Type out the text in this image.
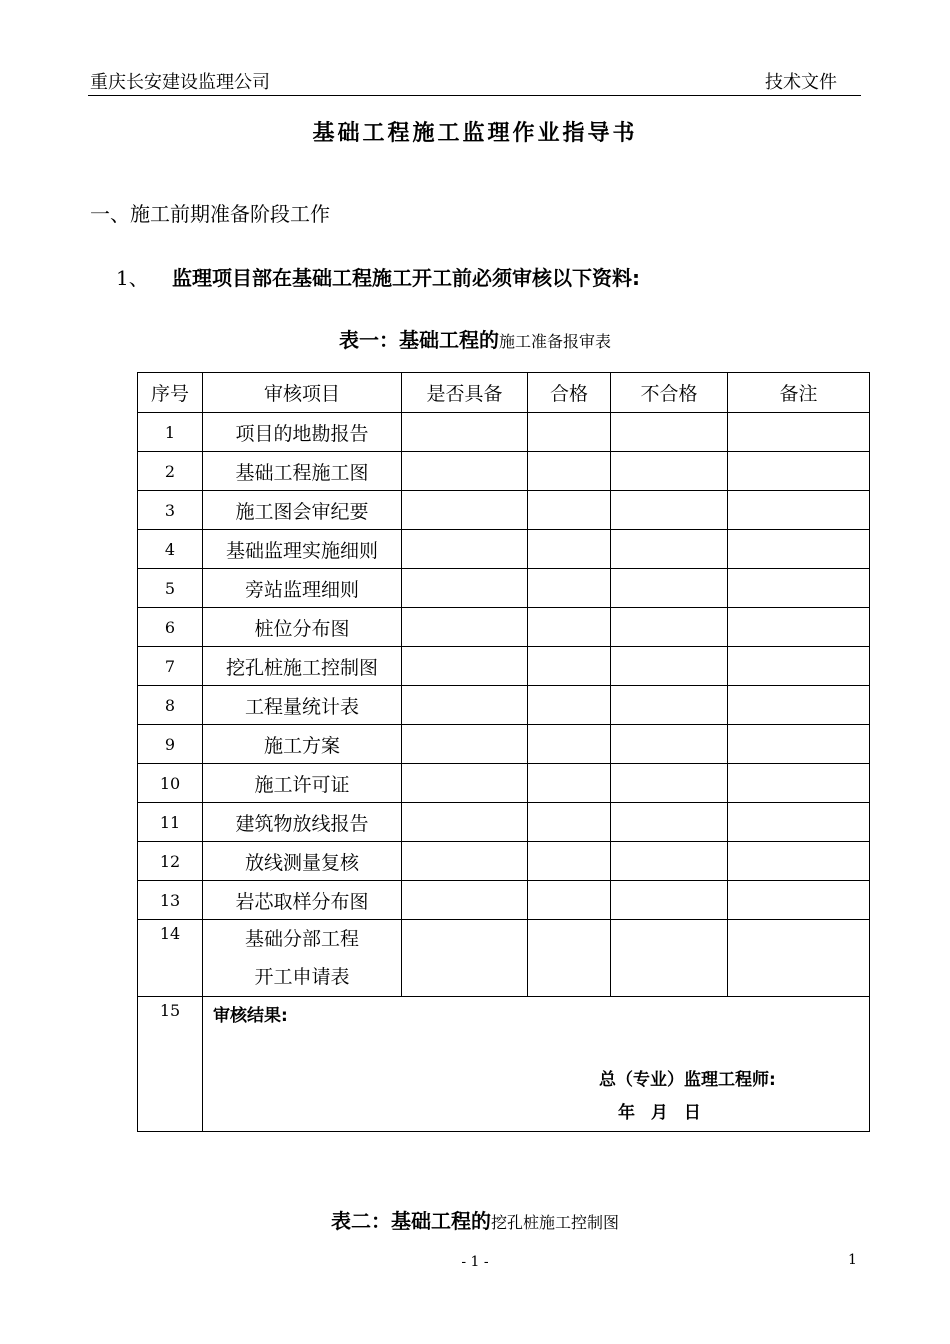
重庆长安建设监理公司	技术文件
基础工程施工监理作业指导书
一、施工前期准备阶段工作
1、 监理项目部在基础工程施工开工前必须审核以下资料:
表一：基础工程的施工准备报审表
序号	审核项目	是否具备	合格	不合格	备注
1	项目的地勘报告				
2	基础工程施工图				
3	施工图会审纪要				
4	基础监理实施细则				
5	旁站监理细则				
6	桩位分布图				
7	挖孔桩施工控制图				
8	工程量统计表				
9	施工方案				
10	施工许可证				
11	建筑物放线报告				
12	放线测量复核				
13	岩芯取样分布图				
14	基础分部工程
开工申请表				

15	审核结果:
总（专业）监理工程师:
年 月 日				
表二：基础工程的挖孔桩施工控制图
- 1 -	1
